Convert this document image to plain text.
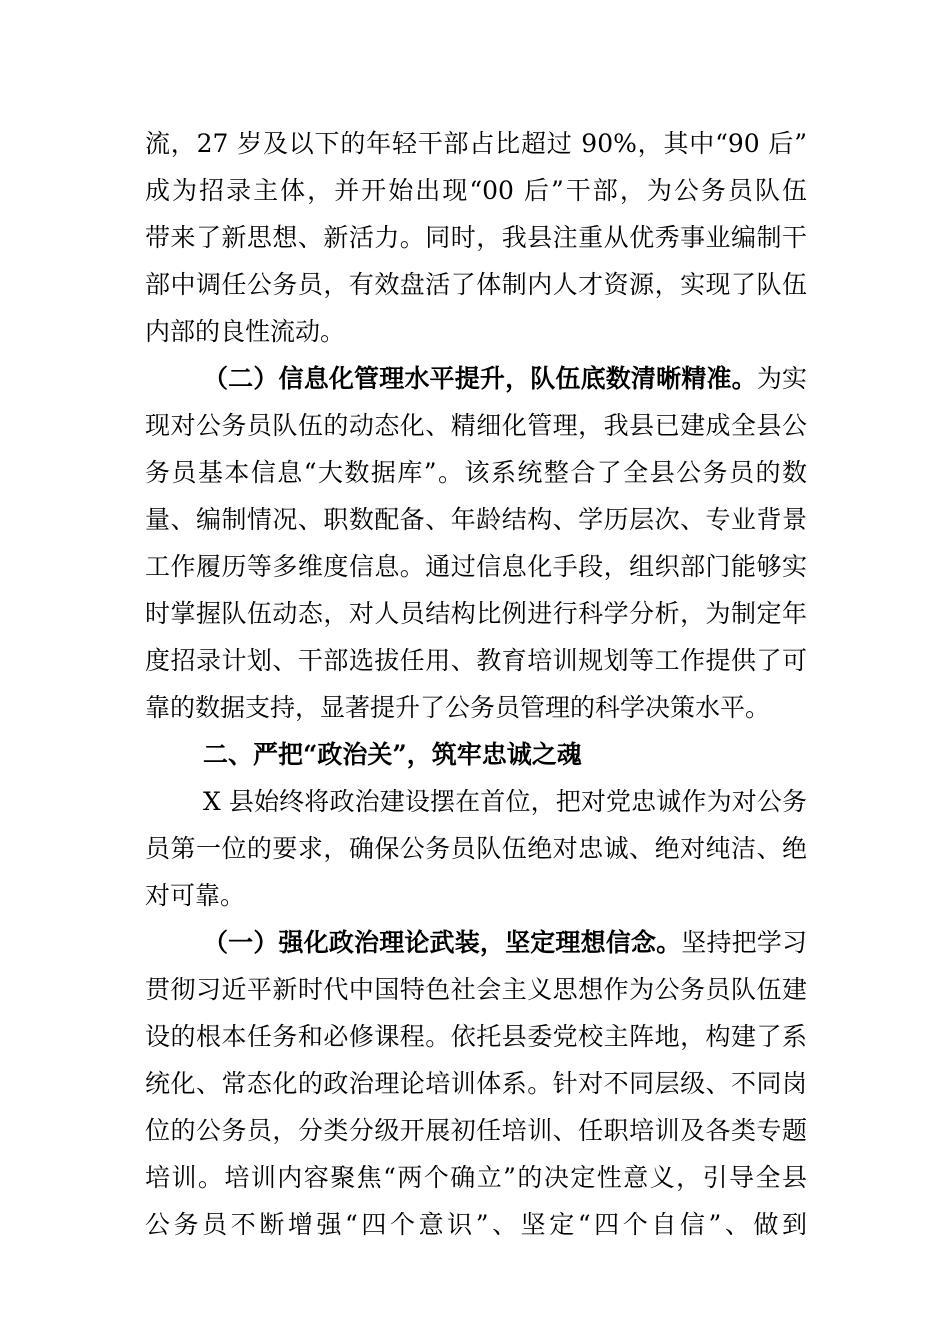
流，27 岁及以下的年轻干部占比超过 90%，其中“90 后”
成为招录主体，并开始出现“00 后”干部，为公务员队伍
带来了新思想、新活力。同时，我县注重从优秀事业编制干
部中调任公务员，有效盘活了体制内人才资源，实现了队伍
内部的良性流动。
（二）信息化管理水平提升，队伍底数清晰精准。为实
现对公务员队伍的动态化、精细化管理，我县已建成全县公
务员基本信息“大数据库”。该系统整合了全县公务员的数
量、编制情况、职数配备、年龄结构、学历层次、专业背景
工作履历等多维度信息。通过信息化手段，组织部门能够实
时掌握队伍动态，对人员结构比例进行科学分析，为制定年
度招录计划、干部选拔任用、教育培训规划等工作提供了可
靠的数据支持，显著提升了公务员管理的科学决策水平。
二、严把“政治关”，筑牢忠诚之魂
X 县始终将政治建设摆在首位，把对党忠诚作为对公务
员第一位的要求，确保公务员队伍绝对忠诚、绝对纯洁、绝
对可靠。
（一）强化政治理论武装，坚定理想信念。坚持把学习
贯彻习近平新时代中国特色社会主义思想作为公务员队伍建
设的根本任务和必修课程。依托县委党校主阵地，构建了系
统化、常态化的政治理论培训体系。针对不同层级、不同岗
位的公务员，分类分级开展初任培训、任职培训及各类专题
培训。培训内容聚焦“两个确立”的决定性意义，引导全县
公务员不断增强“四个意识”、坚定“四个自信”、做到
